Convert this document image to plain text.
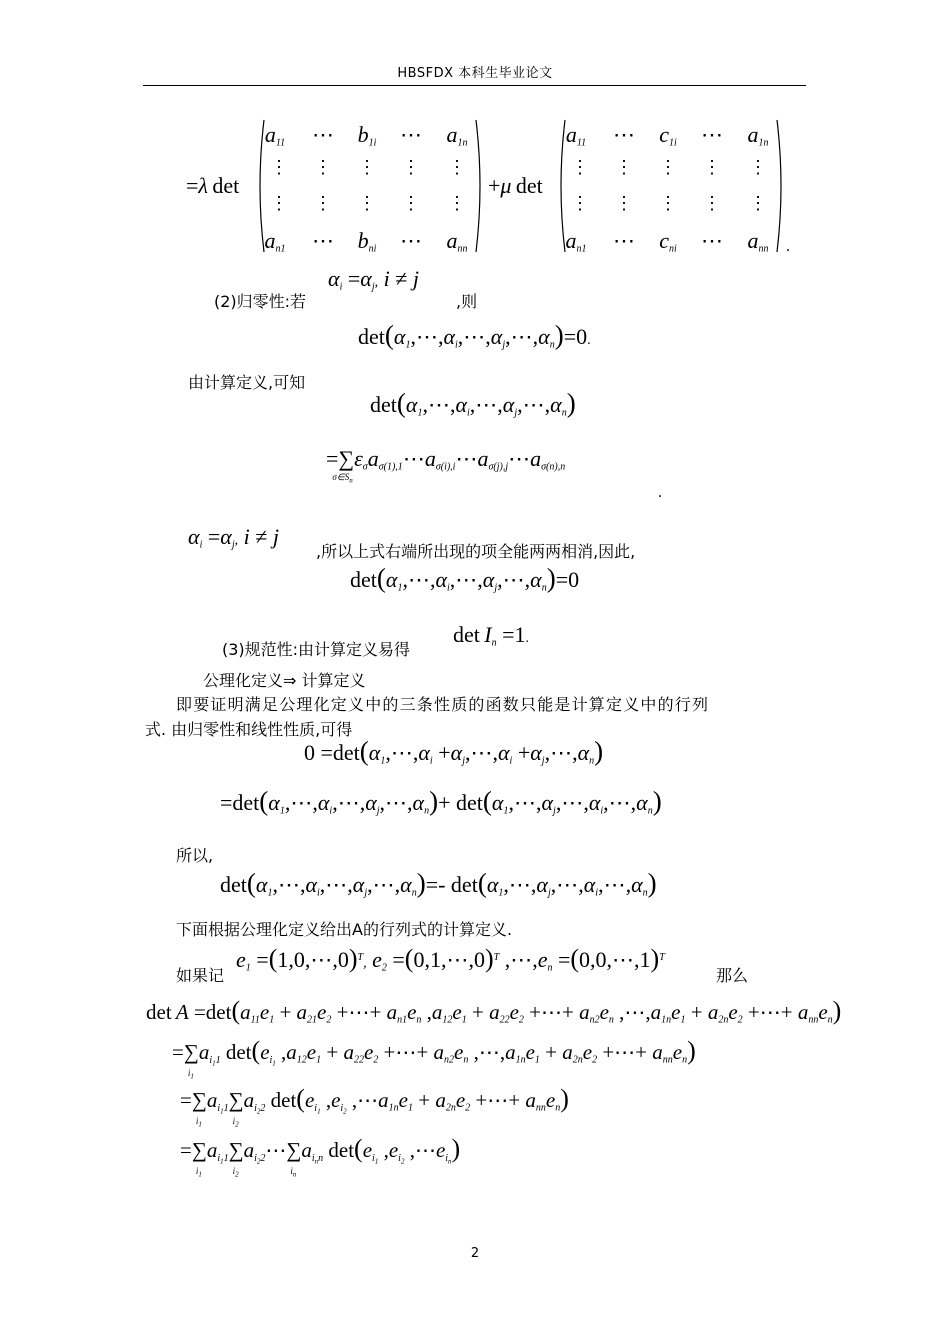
HBSFDX 本科生毕业论文
=λ det
$a_{11}$	⋯	$b_{1i}$	⋯	$a_{1n}$
⋮	⋮	⋮	⋮	⋮
⋮	⋮	⋮	⋮	⋮
$a_{n1}$	⋯	$b_{ni}$	⋯	$a_{nn}$
+μ det
$a_{11}$	⋯	$c_{1i}$	⋯	$a_{1n}$
⋮	⋮	⋮	⋮	⋮
⋮	⋮	⋮	⋮	⋮
$a_{n1}$	⋯	$c_{ni}$	⋯	$a_{nn}$	.
(2)归零性:若
$\alpha_i =\alpha_j$, i ≠ j
,则
$\det(\alpha_1,\cdots,\alpha_i,\cdots,\alpha_j,\cdots,\alpha_n)=0$.
由计算定义,可知
$\det(\alpha_1,\cdots,\alpha_i,\cdots,\alpha_j,\cdots,\alpha_n)$
=∑
$\sigma\in S_n$
$\varepsilon_\sigma a_{\sigma(1),1}\cdots a_{\sigma(i),i}\cdots a_{\sigma(j),j}\cdots a_{\sigma(n),n}$
.
$\alpha_i =\alpha_j$, i ≠ j
,所以上式右端所出现的项全能两两相消,因此,
$\det(\alpha_1,\cdots,\alpha_i,\cdots,\alpha_j,\cdots,\alpha_n)=0$
(3)规范性:由计算定义易得
$\det I_n =1$.
公理化定义⇒ 计算定义
即要证明满足公理化定义中的三条性质的函数只能是计算定义中的行列
式. 由归零性和线性性质,可得
$0 =\det(\alpha_1,\cdots,\alpha_i$ $+\alpha_j,\cdots,\alpha_i$ $+\alpha_j,\cdots,\alpha_n$)
$=\det(\alpha_1,\cdots,\alpha_i,\cdots,\alpha_j,\cdots,\alpha_n)+$ $\det(\alpha_1,\cdots,\alpha_j,\cdots,\alpha_i,\cdots,\alpha_n)$
所以,
$\det(\alpha_1,\cdots,\alpha_i,\cdots,\alpha_j,\cdots,\alpha_n)=-$ $\det(\alpha_1,\cdots,\alpha_j,\cdots,\alpha_i,\cdots,\alpha_n)$
下面根据公理化定义给出A的行列式的计算定义.
如果记
$e_1$ =(1,0,⋯,0)$^T$, $e_2$ =(0,1,⋯,0)$^T$ $,\cdots,e_n$ =(0,0,⋯,1)$^T$
那么
$\det A =\det(a_{11}e_1 + a_{21}e_2$ +⋯+ $a_{n1}e_n$ $,a_{12}e_1 + a_{22}e_2$ +⋯+ $a_{n2}e_n$ $,\cdots,a_{1n}e_1 + a_{2n}e_2$ +⋯+ $a_{nn}e_n$)
=∑
$i_1$
$a_{i_11}$ $\det(e_{i_1}$ $,a_{12}e_1 + a_{22}e_2$ +⋯+ $a_{n2}e_n$ $,\cdots,a_{1n}e_1 + a_{2n}e_2$ +⋯+ $a_{nn}e_n$)
=∑
$i_1$
$a_{i_11}\sum$
$i_2$
$a_{i_22}$ $\det(e_{i_1}$ $,e_{i_2}$ $,\cdots a_{1n}e_1 + a_{2n}e_2$ +⋯+ $a_{nn}e_n$)
=∑
$i_1$
$a_{i_11}\sum$
$i_2$
$a_{i_22}\cdots\sum$
$i_n$
$a_{i_nn}$ $\det(e_{i_1}$ $,e_{i_2}$ $,\cdots e_{i_n}$)
2
